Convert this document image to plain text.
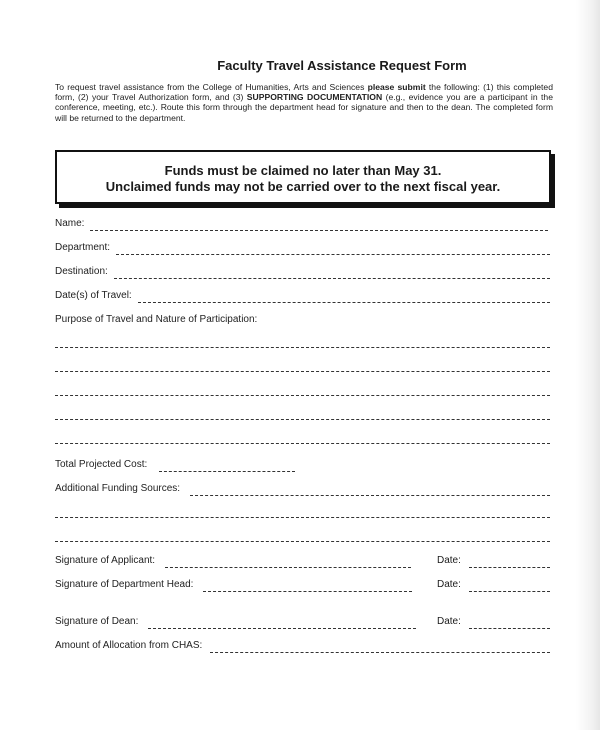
Faculty Travel Assistance Request Form
To request travel assistance from the College of Humanities, Arts and Sciences please submit the following: (1) this completed form, (2) your Travel Authorization form, and (3) SUPPORTING DOCUMENTATION (e.g., evidence you are a participant in the conference, meeting, etc.). Route this form through the department head for signature and then to the dean. The completed form will be returned to the department.
Funds must be claimed no later than May 31.
Unclaimed funds may not be carried over to the next fiscal year.
Name:
Department:
Destination:
Date(s) of Travel:
Purpose of Travel and Nature of Participation:
Total Projected Cost:
Additional Funding Sources:
Signature of Applicant:	Date:
Signature of Department Head:	Date:
Signature of Dean:	Date:
Amount of Allocation from CHAS:
